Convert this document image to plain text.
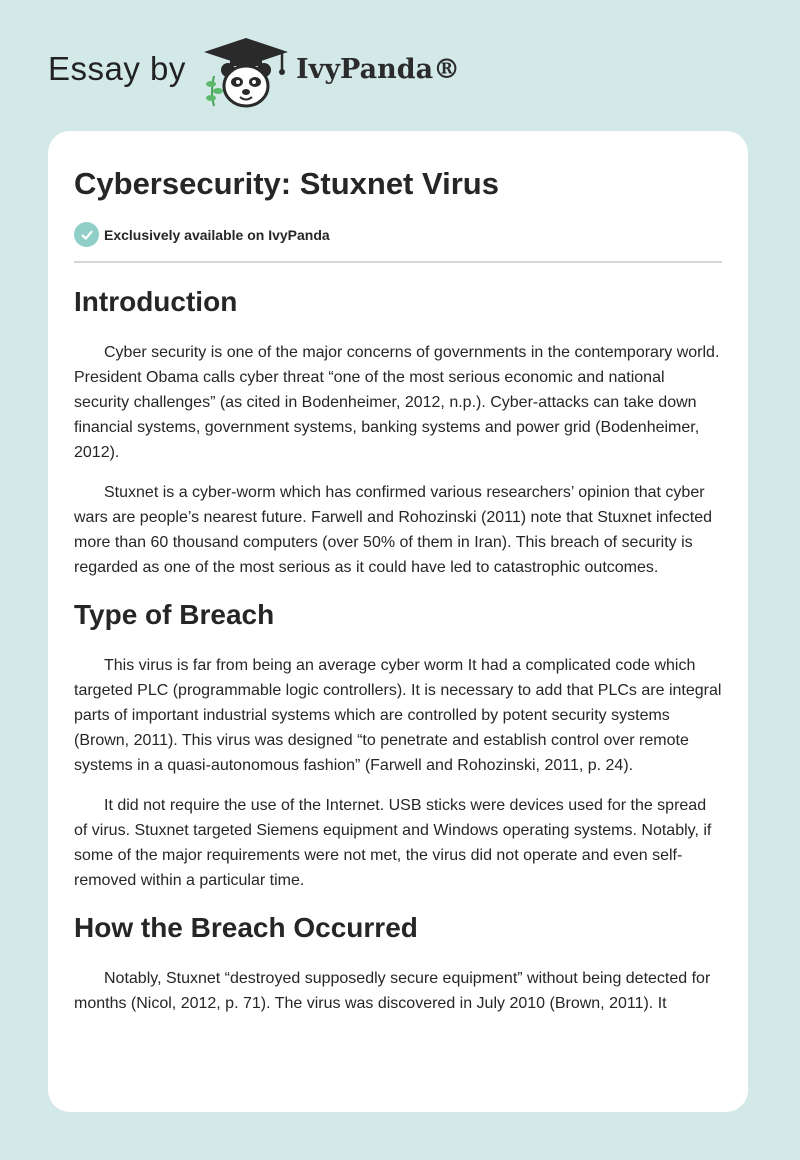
Essay by	IvyPanda®
Cybersecurity: Stuxnet Virus
Exclusively available on IvyPanda
Introduction

Cyber security is one of the major concerns of governments in the contemporary world. President Obama calls cyber threat “one of the most serious economic and national security challenges” (as cited in Bodenheimer, 2012, n.p.). Cyber-attacks can take down financial systems, government systems, banking systems and power grid (Bodenheimer, 2012).

Stuxnet is a cyber-worm which has confirmed various researchers’ opinion that cyber wars are people’s nearest future. Farwell and Rohozinski (2011) note that Stuxnet infected more than 60 thousand computers (over 50% of them in Iran). This breach of security is regarded as one of the most serious as it could have led to catastrophic outcomes.

Type of Breach

This virus is far from being an average cyber worm It had a complicated code which targeted PLC (programmable logic controllers). It is necessary to add that PLCs are integral parts of important industrial systems which are controlled by potent security systems (Brown, 2011). This virus was designed “to penetrate and establish control over remote systems in a quasi-autonomous fashion” (Farwell and Rohozinski, 2011, p. 24).

It did not require the use of the Internet. USB sticks were devices used for the spread of virus. Stuxnet targeted Siemens equipment and Windows operating systems. Notably, if some of the major requirements were not met, the virus did not operate and even self-removed within a particular time.

How the Breach Occurred

Notably, Stuxnet “destroyed supposedly secure equipment” without being detected for months (Nicol, 2012, p. 71). The virus was discovered in July 2010 (Brown, 2011). It
